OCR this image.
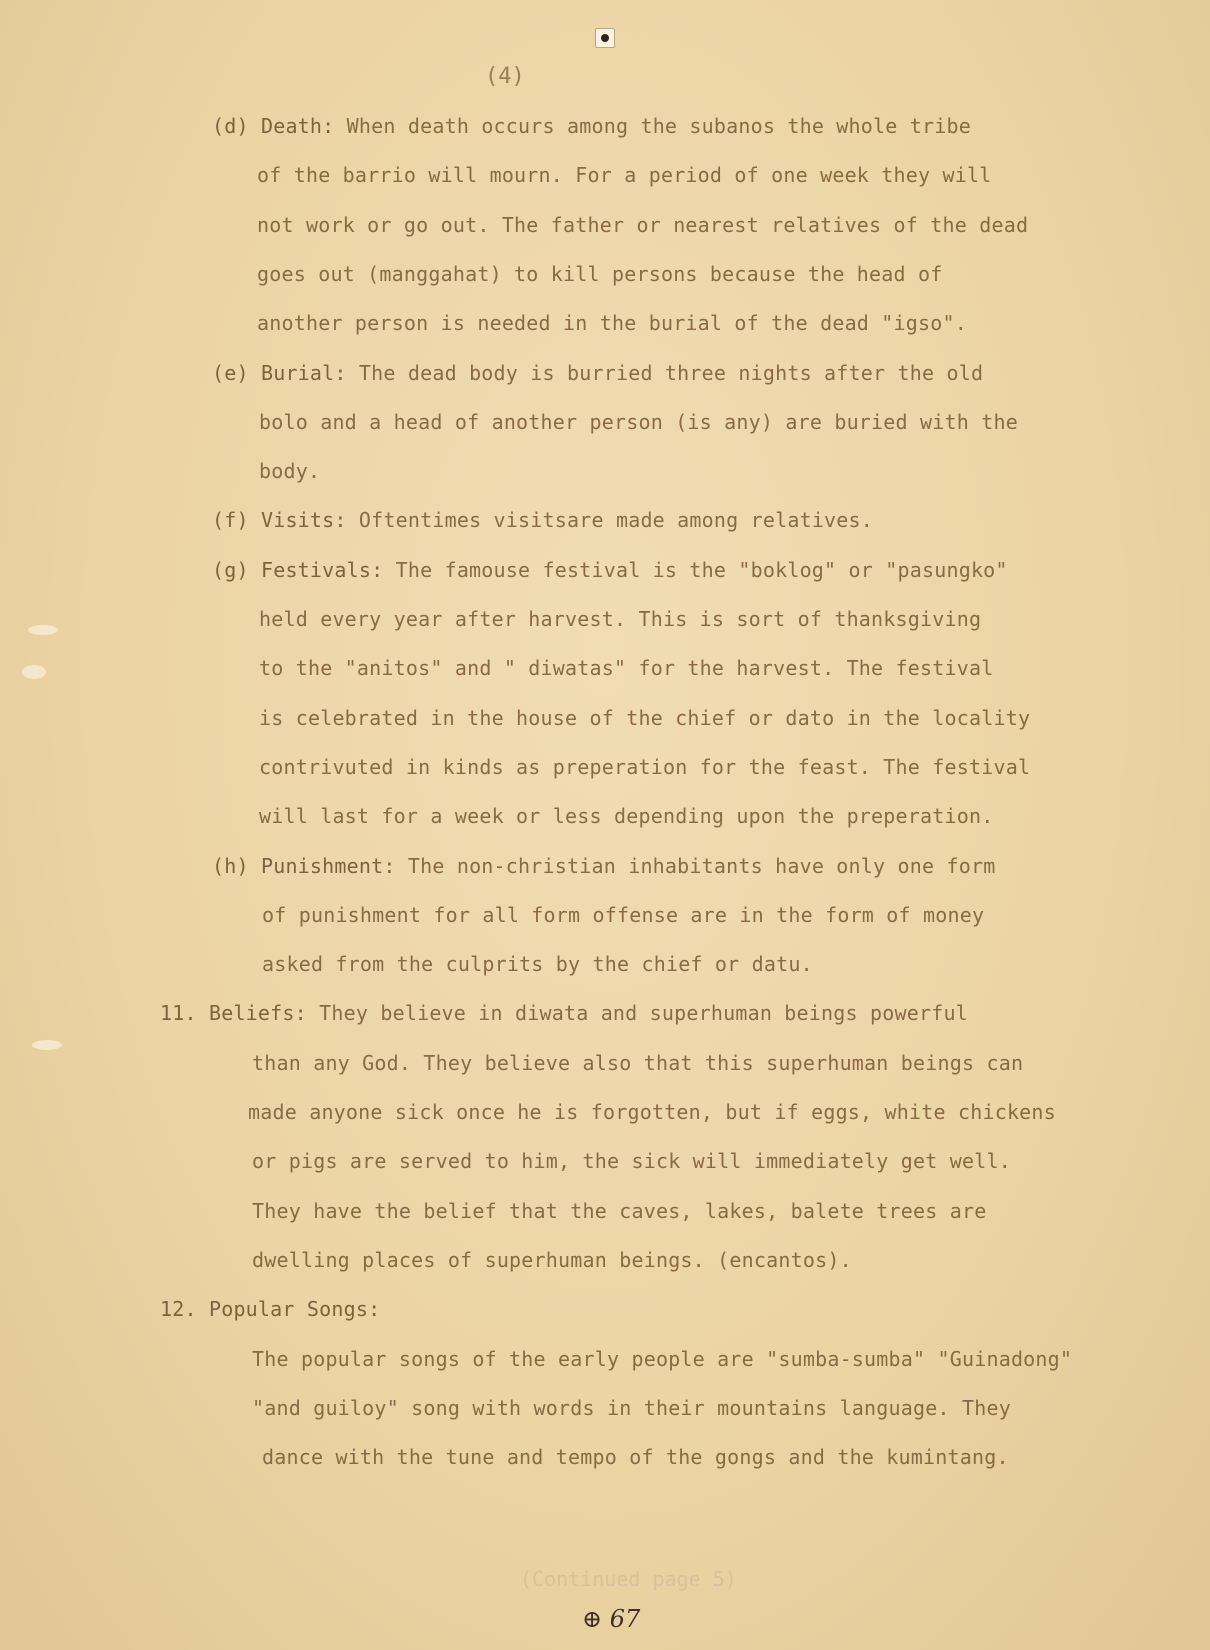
(4)
(d) Death: When death occurs among the subanos the whole tribe
of the barrio will mourn. For a period of one week they will
not work or go out. The father or nearest relatives of the dead
goes out (manggahat) to kill persons because the head of
another person is needed in the burial of the dead "igso".
(e) Burial: The dead body is burried three nights after the old
bolo and a head of another person (is any) are buried with the
body.
(f) Visits: Oftentimes visitsare made among relatives.
(g) Festivals: The famouse festival is the "boklog" or "pasungko"
held every year after harvest. This is sort of thanksgiving
to the "anitos" and " diwatas" for the harvest. The festival
is celebrated in the house of the chief or dato in the locality
contrivuted in kinds as preperation for the feast. The festival
will last for a week or less depending upon the preperation.
(h) Punishment: The non-christian inhabitants have only one form
of punishment for all form offense are in the form of money
asked from the culprits by the chief or datu.
11. Beliefs: They believe in diwata and superhuman beings powerful
than any God. They believe also that this superhuman beings can
made anyone sick once he is forgotten, but if eggs, white chickens
or pigs are served to him, the sick will immediately get well.
They have the belief that the caves, lakes, balete trees are
dwelling places of superhuman beings. (encantos).
12. Popular Songs:
The popular songs of the early people are "sumba-sumba" "Guinadong"
"and guiloy" song with words in their mountains language. They
dance with the tune and tempo of the gongs and the kumintang.
(Continued page 5)
⊕ 67
